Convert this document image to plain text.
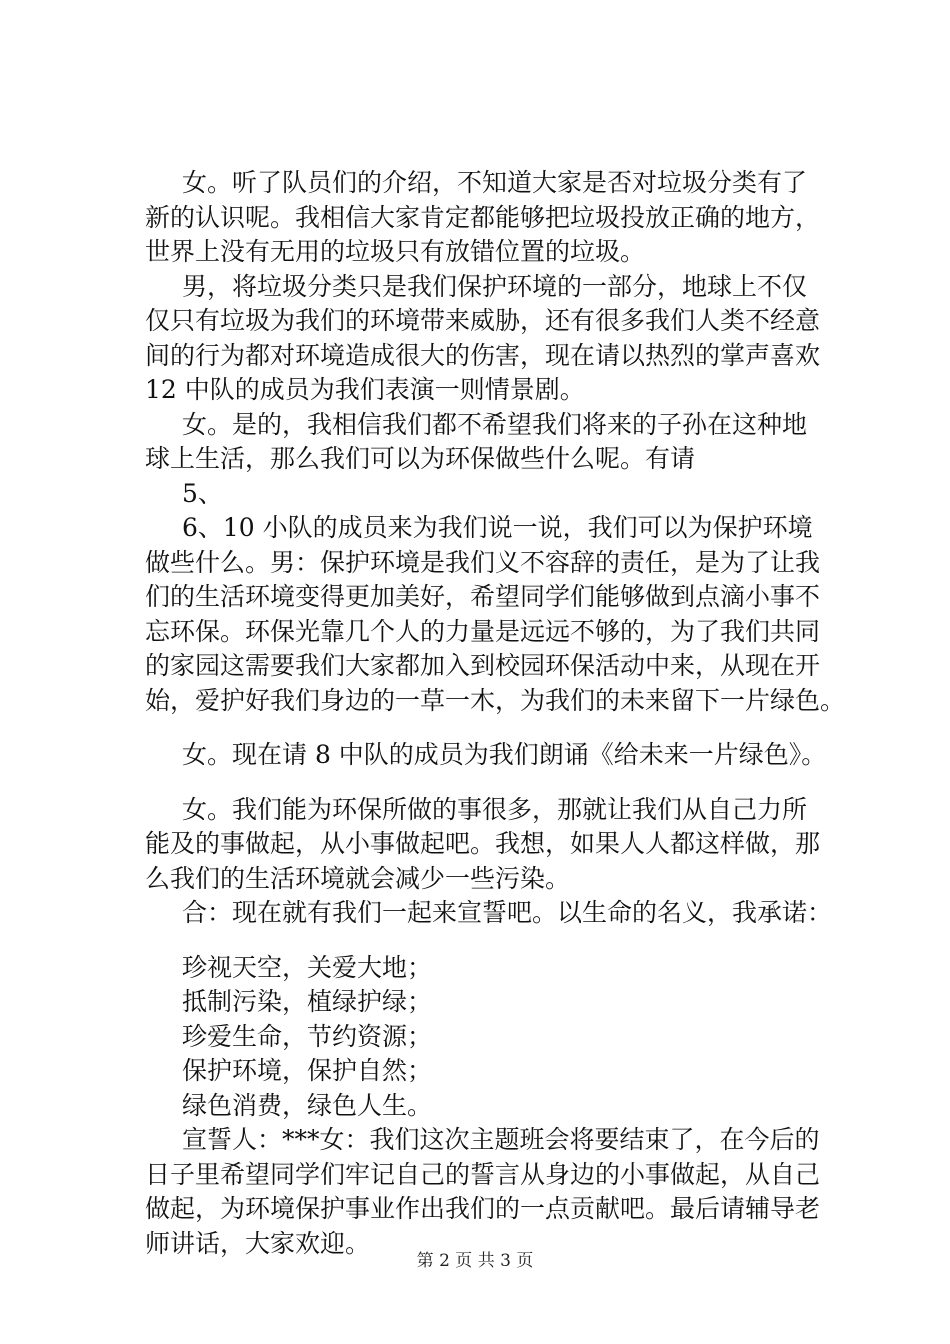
女。听了队员们的介绍，不知道大家是否对垃圾分类有了

新的认识呢。我相信大家肯定都能够把垃圾投放正确的地方，

世界上没有无用的垃圾只有放错位置的垃圾。

男，将垃圾分类只是我们保护环境的一部分，地球上不仅

仅只有垃圾为我们的环境带来威胁，还有很多我们人类不经意

间的行为都对环境造成很大的伤害，现在请以热烈的掌声喜欢

12 中队的成员为我们表演一则情景剧。

女。是的，我相信我们都不希望我们将来的子孙在这种地

球上生活，那么我们可以为环保做些什么呢。有请

5、

6、10 小队的成员来为我们说一说，我们可以为保护环境

做些什么。男：保护环境是我们义不容辞的责任，是为了让我

们的生活环境变得更加美好，希望同学们能够做到点滴小事不

忘环保。环保光靠几个人的力量是远远不够的，为了我们共同

的家园这需要我们大家都加入到校园环保活动中来，从现在开

始，爱护好我们身边的一草一木，为我们的未来留下一片绿色。

女。现在请 8 中队的成员为我们朗诵《给未来一片绿色》。

女。我们能为环保所做的事很多，那就让我们从自己力所

能及的事做起，从小事做起吧。我想，如果人人都这样做，那

么我们的生活环境就会减少一些污染。

合：现在就有我们一起来宣誓吧。以生命的名义，我承诺：

珍视天空，关爱大地；

抵制污染，植绿护绿；

珍爱生命，节约资源；

保护环境，保护自然；

绿色消费，绿色人生。

宣誓人：***女：我们这次主题班会将要结束了，在今后的

日子里希望同学们牢记自己的誓言从身边的小事做起，从自己

做起，为环境保护事业作出我们的一点贡献吧。最后请辅导老

师讲话，大家欢迎。

第 2 页 共 3 页
